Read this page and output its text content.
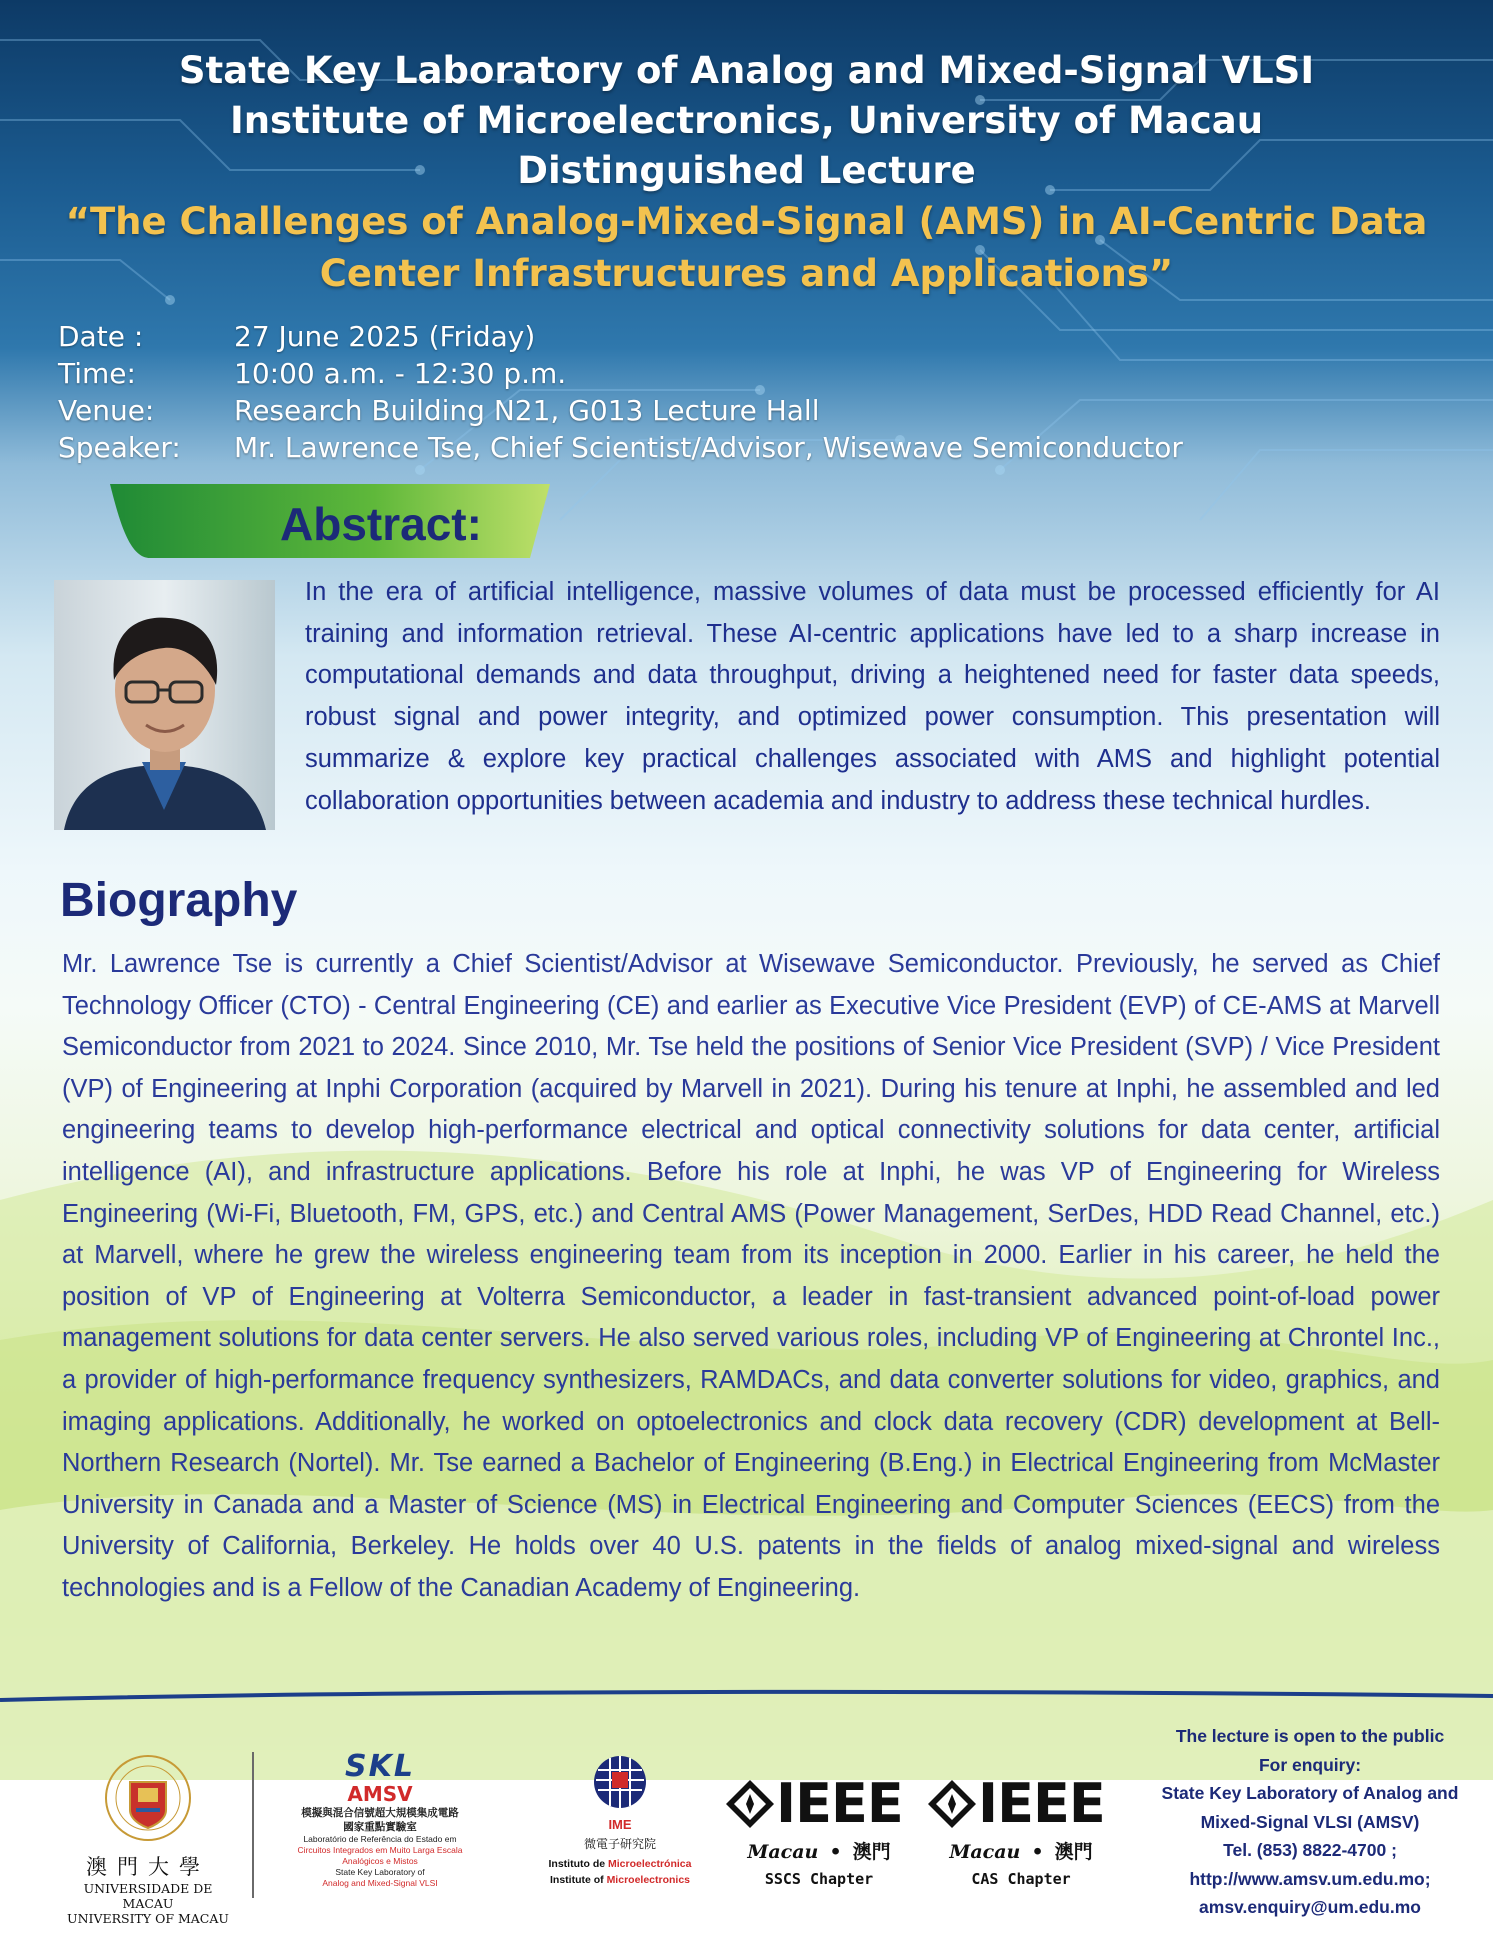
State Key Laboratory of Analog and Mixed-Signal VLSI
Institute of Microelectronics, University of Macau
Distinguished Lecture
“The Challenges of Analog-Mixed-Signal (AMS) in AI-Centric Data
Center Infrastructures and Applications”
Date :	27 June 2025 (Friday)
Time:	10:00 a.m. - 12:30 p.m.
Venue:	Research Building N21, G013 Lecture Hall
Speaker: Mr. Lawrence Tse, Chief Scientist/Advisor, Wisewave Semiconductor
Abstract:
In the era of artificial intelligence, massive volumes of data must be processed efficiently for AI training and information retrieval. These AI-centric applications have led to a sharp increase in computational demands and data throughput, driving a heightened need for faster data speeds, robust signal and power integrity, and optimized power consumption. This presentation will summarize & explore key practical challenges associated with AMS and highlight potential collaboration opportunities between academia and industry to address these technical hurdles.
Biography
Mr. Lawrence Tse is currently a Chief Scientist/Advisor at Wisewave Semiconductor. Previously, he served as Chief Technology Officer (CTO) - Central Engineering (CE) and earlier as Executive Vice President (EVP) of CE-AMS at Marvell Semiconductor from 2021 to 2024. Since 2010, Mr. Tse held the positions of Senior Vice President (SVP) / Vice President (VP) of Engineering at Inphi Corporation (acquired by Marvell in 2021). During his tenure at Inphi, he assembled and led engineering teams to develop high-performance electrical and optical connectivity solutions for data center, artificial intelligence (AI), and infrastructure applications. Before his role at Inphi, he was VP of Engineering for Wireless Engineering (Wi-Fi, Bluetooth, FM, GPS, etc.) and Central AMS (Power Management, SerDes, HDD Read Channel, etc.) at Marvell, where he grew the wireless engineering team from its inception in 2000. Earlier in his career, he held the position of VP of Engineering at Volterra Semiconductor, a leader in fast-transient advanced point-of-load power management solutions for data center servers. He also served various roles, including VP of Engineering at Chrontel Inc., a provider of high-performance frequency synthesizers, RAMDACs, and data converter solutions for video, graphics, and imaging applications. Additionally, he worked on optoelectronics and clock data recovery (CDR) development at Bell-Northern Research (Nortel). Mr. Tse earned a Bachelor of Engineering (B.Eng.) in Electrical Engineering from McMaster University in Canada and a Master of Science (MS) in Electrical Engineering and Computer Sciences (EECS) from the University of California, Berkeley. He holds over 40 U.S. patents in the fields of analog mixed-signal and wireless technologies and is a Fellow of the Canadian Academy of Engineering.
澳門大學
UNIVERSIDADE DE MACAU
UNIVERSITY OF MACAU
SKL
AMSV
模擬與混合信號超大規模集成電路
國家重點實驗室
Laboratório de Referência do Estado em
Circuitos Integrados em Muito Larga Escala
Analógicos e Mistos
State Key Laboratory of
Analog and Mixed-Signal VLSI
IME
微電子研究院
Instituto de Microelectrónica
Institute of Microelectronics
IEEE
Macau  •  澳門
SSCS Chapter
IEEE
Macau  •  澳門
CAS Chapter
The lecture is open to the public
For enquiry:
State Key Laboratory of Analog and
Mixed-Signal VLSI (AMSV)
Tel. (853) 8822-4700 ;
http://www.amsv.um.edu.mo;
amsv.enquiry@um.edu.mo
